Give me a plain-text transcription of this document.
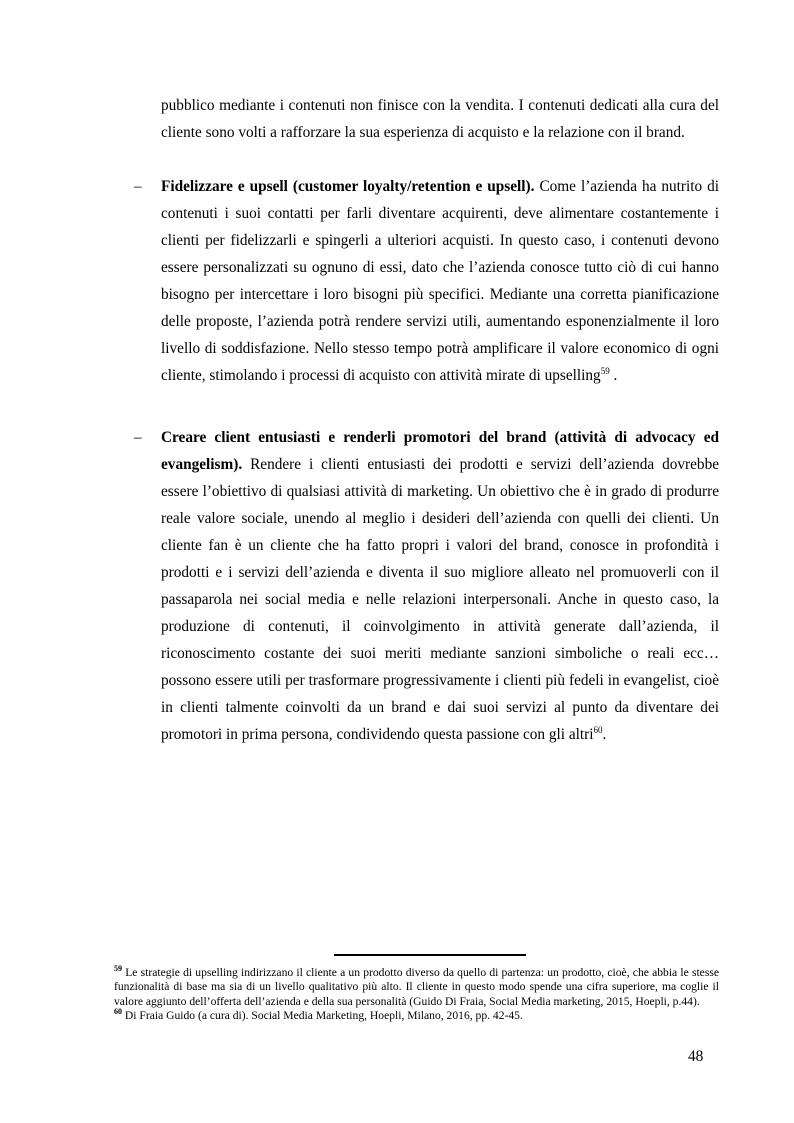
pubblico mediante i contenuti non finisce con la vendita. I contenuti dedicati alla cura del cliente sono volti a rafforzare la sua esperienza di acquisto e la relazione con il brand.

– Fidelizzare e upsell (customer loyalty/retention e upsell). Come l’azienda ha nutrito di contenuti i suoi contatti per farli diventare acquirenti, deve alimentare costantemente i clienti per fidelizzarli e spingerli a ulteriori acquisti. In questo caso, i contenuti devono essere personalizzati su ognuno di essi, dato che l’azienda conosce tutto ciò di cui hanno bisogno per intercettare i loro bisogni più specifici. Mediante una corretta pianificazione delle proposte, l’azienda potrà rendere servizi utili, aumentando esponenzialmente il loro livello di soddisfazione. Nello stesso tempo potrà amplificare il valore economico di ogni cliente, stimolando i processi di acquisto con attività mirate di upselling$^{59}$ .
– Creare client entusiasti e renderli promotori del brand (attività di advocacy ed evangelism). Rendere i clienti entusiasti dei prodotti e servizi dell’azienda dovrebbe essere l’obiettivo di qualsiasi attività di marketing. Un obiettivo che è in grado di produrre reale valore sociale, unendo al meglio i desideri dell’azienda con quelli dei clienti. Un cliente fan è un cliente che ha fatto propri i valori del brand, conosce in profondità i prodotti e i servizi dell’azienda e diventa il suo migliore alleato nel promuoverli con il passaparola nei social media e nelle relazioni interpersonali. Anche in questo caso, la produzione di contenuti, il coinvolgimento in attività generate dall’azienda, il riconoscimento costante dei suoi meriti mediante sanzioni simboliche o reali ecc… possono essere utili per trasformare progressivamente i clienti più fedeli in evangelist, cioè in clienti talmente coinvolti da un brand e dai suoi servizi al punto da diventare dei promotori in prima persona, condividendo questa passione con gli altri$^{60}$.
$^{59}$ Le strategie di upselling indirizzano il cliente a un prodotto diverso da quello di partenza: un prodotto, cioè, che abbia le stesse funzionalità di base ma sia di un livello qualitativo più alto. Il cliente in questo modo spende una cifra superiore, ma coglie il valore aggiunto dell’offerta dell’azienda e della sua personalità (Guido Di Fraia, Social Media marketing, 2015, Hoepli, p.44).
$^{60}$ Di Fraia Guido (a cura di). Social Media Marketing, Hoepli, Milano, 2016, pp. 42-45.
48
